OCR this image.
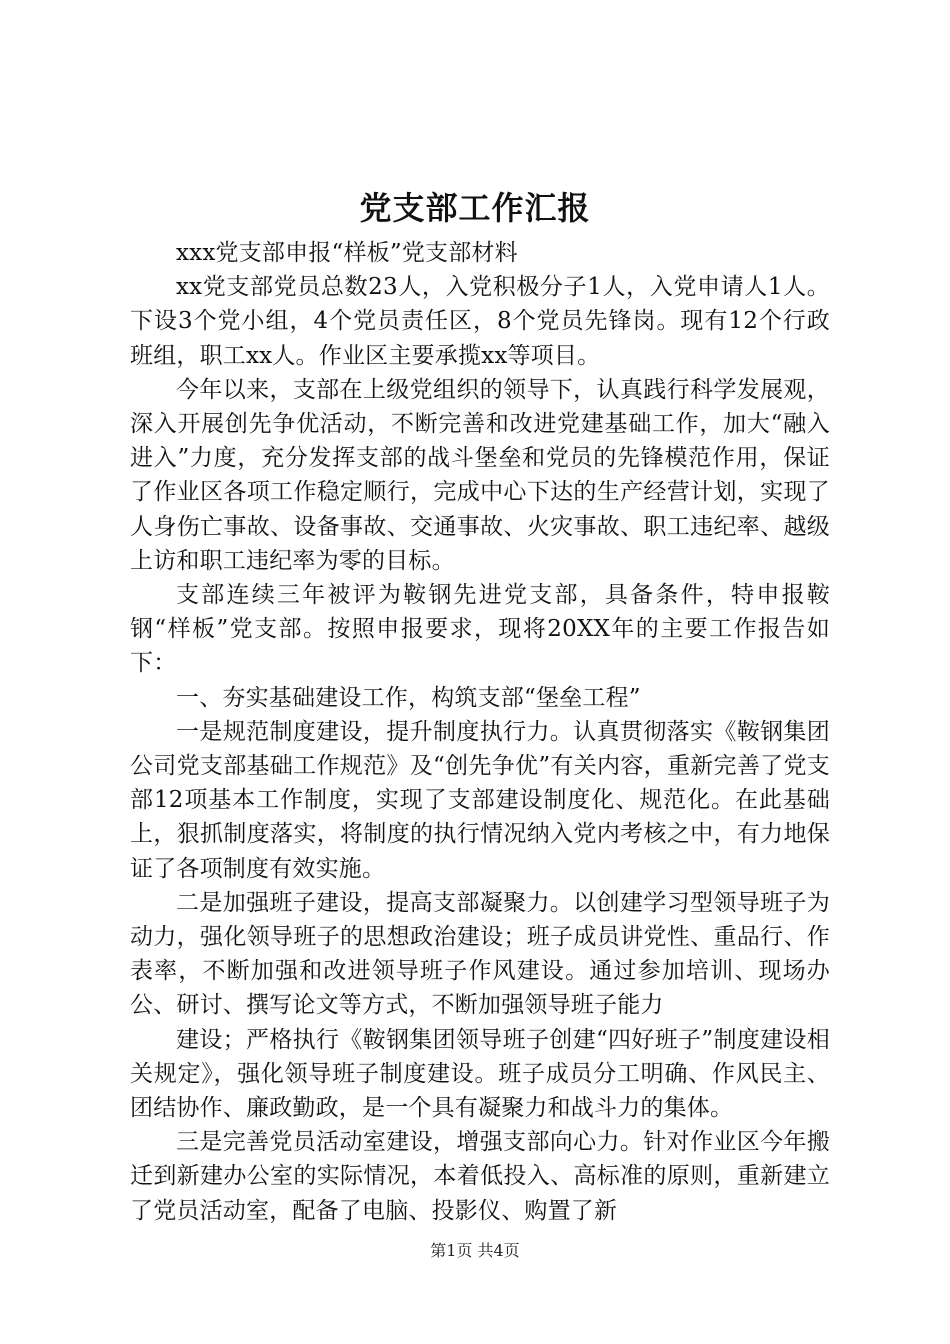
党支部工作汇报

xxx党支部申报“样板”党支部材料

xx党支部党员总数23人，入党积极分子1人，入党申请人1人。下设3个党小组，4个党员责任区，8个党员先锋岗。现有12个行政班组，职工xx人。作业区主要承揽xx等项目。

今年以来，支部在上级党组织的领导下，认真践行科学发展观，深入开展创先争优活动，不断完善和改进党建基础工作，加大“融入进入”力度，充分发挥支部的战斗堡垒和党员的先锋模范作用，保证了作业区各项工作稳定顺行，完成中心下达的生产经营计划，实现了人身伤亡事故、设备事故、交通事故、火灾事故、职工违纪率、越级上访和职工违纪率为零的目标。

支部连续三年被评为鞍钢先进党支部，具备条件，特申报鞍钢“样板”党支部。按照申报要求，现将20XX年的主要工作报告如下：

一、夯实基础建设工作，构筑支部“堡垒工程”

一是规范制度建设，提升制度执行力。认真贯彻落实《鞍钢集团公司党支部基础工作规范》及“创先争优”有关内容，重新完善了党支部12项基本工作制度，实现了支部建设制度化、规范化。在此基础上，狠抓制度落实，将制度的执行情况纳入党内考核之中，有力地保证了各项制度有效实施。

二是加强班子建设，提高支部凝聚力。以创建学习型领导班子为动力，强化领导班子的思想政治建设；班子成员讲党性、重品行、作表率，不断加强和改进领导班子作风建设。通过参加培训、现场办公、研讨、撰写论文等方式，不断加强领导班子能力

建设；严格执行《鞍钢集团领导班子创建“四好班子”制度建设相关规定》，强化领导班子制度建设。班子成员分工明确、作风民主、团结协作、廉政勤政，是一个具有凝聚力和战斗力的集体。

三是完善党员活动室建设，增强支部向心力。针对作业区今年搬迁到新建办公室的实际情况，本着低投入、高标准的原则，重新建立了党员活动室，配备了电脑、投影仪、购置了新

第1页 共4页
